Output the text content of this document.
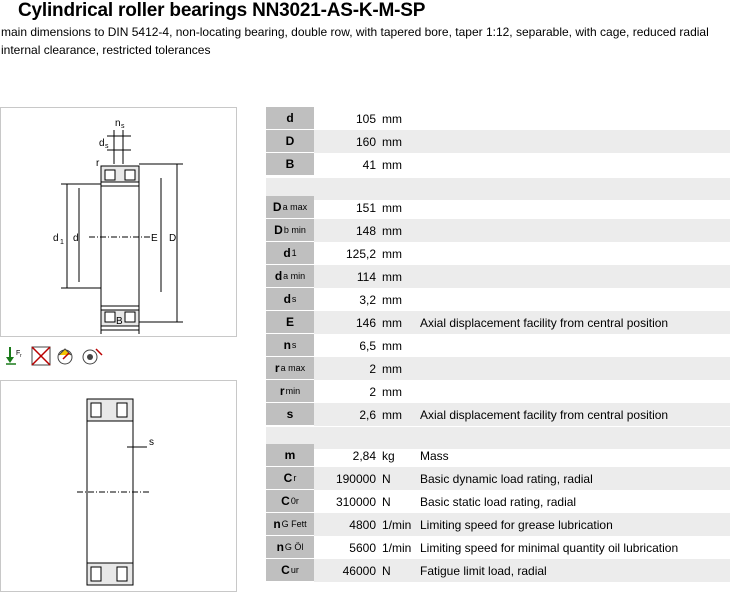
Cylindrical roller bearings NN3021-AS-K-M-SP
main dimensions to DIN 5412-4, non-locating bearing, double row, with tapered bore, taper 1:12, separable, with cage, reduced radial internal clearance, restricted tolerances
n s
d s
r
d 1 d	E D
B
F r
s
d	105 mm
D	160 mm
B	41 mm
D a max	151 mm
D b min	148 mm
d 1	125,2 mm
d a min	114 mm
d s	3,2 mm
E	146 mm	Axial displacement facility from central position
n s	6,5 mm
r a max	2 mm
r min	2 mm
s	2,6 mm	Axial displacement facility from central position
m	2,84 kg	Mass
C r	190000 N	Basic dynamic load rating, radial
C 0r	310000 N	Basic static load rating, radial
n G Fett	4800 1/min Limiting speed for grease lubrication
n G Öl	5600 1/min Limiting speed for minimal quantity oil lubrication
C ur	46000 N	Fatigue limit load, radial
